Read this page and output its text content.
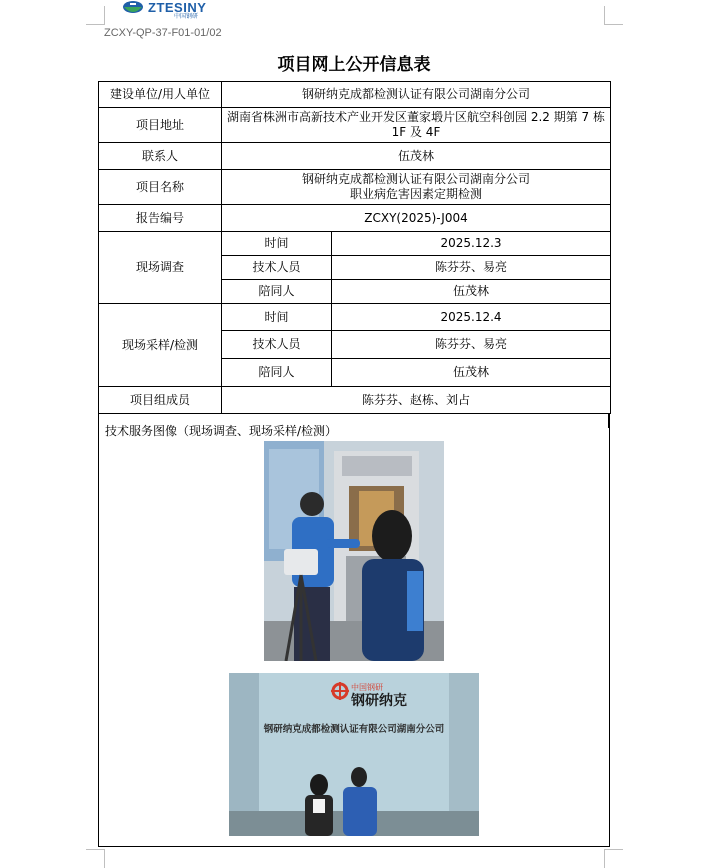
ZTESINY
中国钢研
ZCXY-QP-37-F01-01/02
项目网上公开信息表
建设单位/用人单位	钢研纳克成都检测认证有限公司湖南分公司	
项目地址	湖南省株洲市高新技术产业开发区董家塅片区航空科创园 2.2 期第 7 栋 1F 及 4F	
联系人	伍茂林	
项目名称	钢研纳克成都检测认证有限公司湖南分公司
职业病危害因素定期检测	

报告编号	ZCXY(2025)-J004	
现场调查	时间	2025.12.3
	技术人员	陈芬芬、易亮
	陪同人	伍茂林
现场采样/检测	时间	2025.12.4
	技术人员	陈芬芬、易亮
	陪同人	伍茂林
项目组成员	陈芬芬、赵栋、刘占	
技术服务图像（现场调查、现场采样/检测）
中国钢研
钢研纳克
钢研纳克成都检测认证有限公司湖南分公司
